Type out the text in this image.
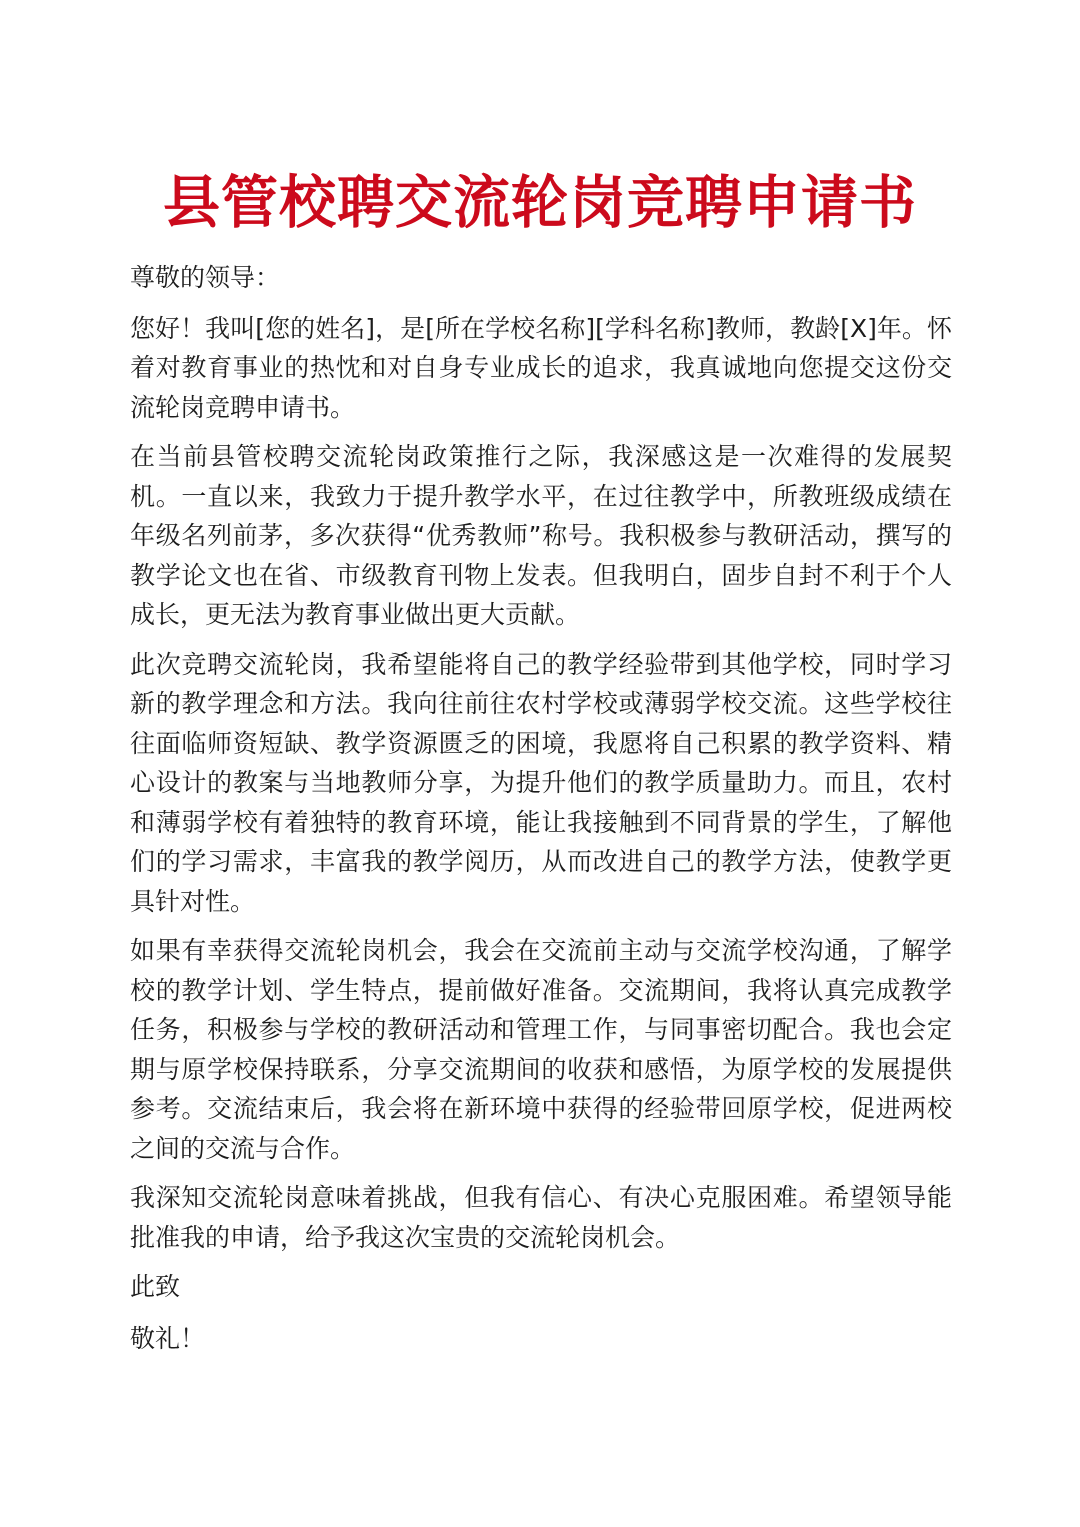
县管校聘交流轮岗竞聘申请书

尊敬的领导：

您好！我叫[您的姓名]，是[所在学校名称][学科名称]教师，教龄[X]年。怀着对教育事业的热忱和对自身专业成长的追求，我真诚地向您提交这份交流轮岗竞聘申请书。

在当前县管校聘交流轮岗政策推行之际，我深感这是一次难得的发展契机。一直以来，我致力于提升教学水平，在过往教学中，所教班级成绩在年级名列前茅，多次获得“优秀教师”称号。我积极参与教研活动，撰写的教学论文也在省、市级教育刊物上发表。但我明白，固步自封不利于个人成长，更无法为教育事业做出更大贡献。

此次竞聘交流轮岗，我希望能将自己的教学经验带到其他学校，同时学习新的教学理念和方法。我向往前往农村学校或薄弱学校交流。这些学校往往面临师资短缺、教学资源匮乏的困境，我愿将自己积累的教学资料、精心设计的教案与当地教师分享，为提升他们的教学质量助力。而且，农村和薄弱学校有着独特的教育环境，能让我接触到不同背景的学生，了解他们的学习需求，丰富我的教学阅历，从而改进自己的教学方法，使教学更具针对性。

如果有幸获得交流轮岗机会，我会在交流前主动与交流学校沟通，了解学校的教学计划、学生特点，提前做好准备。交流期间，我将认真完成教学任务，积极参与学校的教研活动和管理工作，与同事密切配合。我也会定期与原学校保持联系，分享交流期间的收获和感悟，为原学校的发展提供参考。交流结束后，我会将在新环境中获得的经验带回原学校，促进两校之间的交流与合作。

我深知交流轮岗意味着挑战，但我有信心、有决心克服困难。希望领导能批准我的申请，给予我这次宝贵的交流轮岗机会。

此致

敬礼！
